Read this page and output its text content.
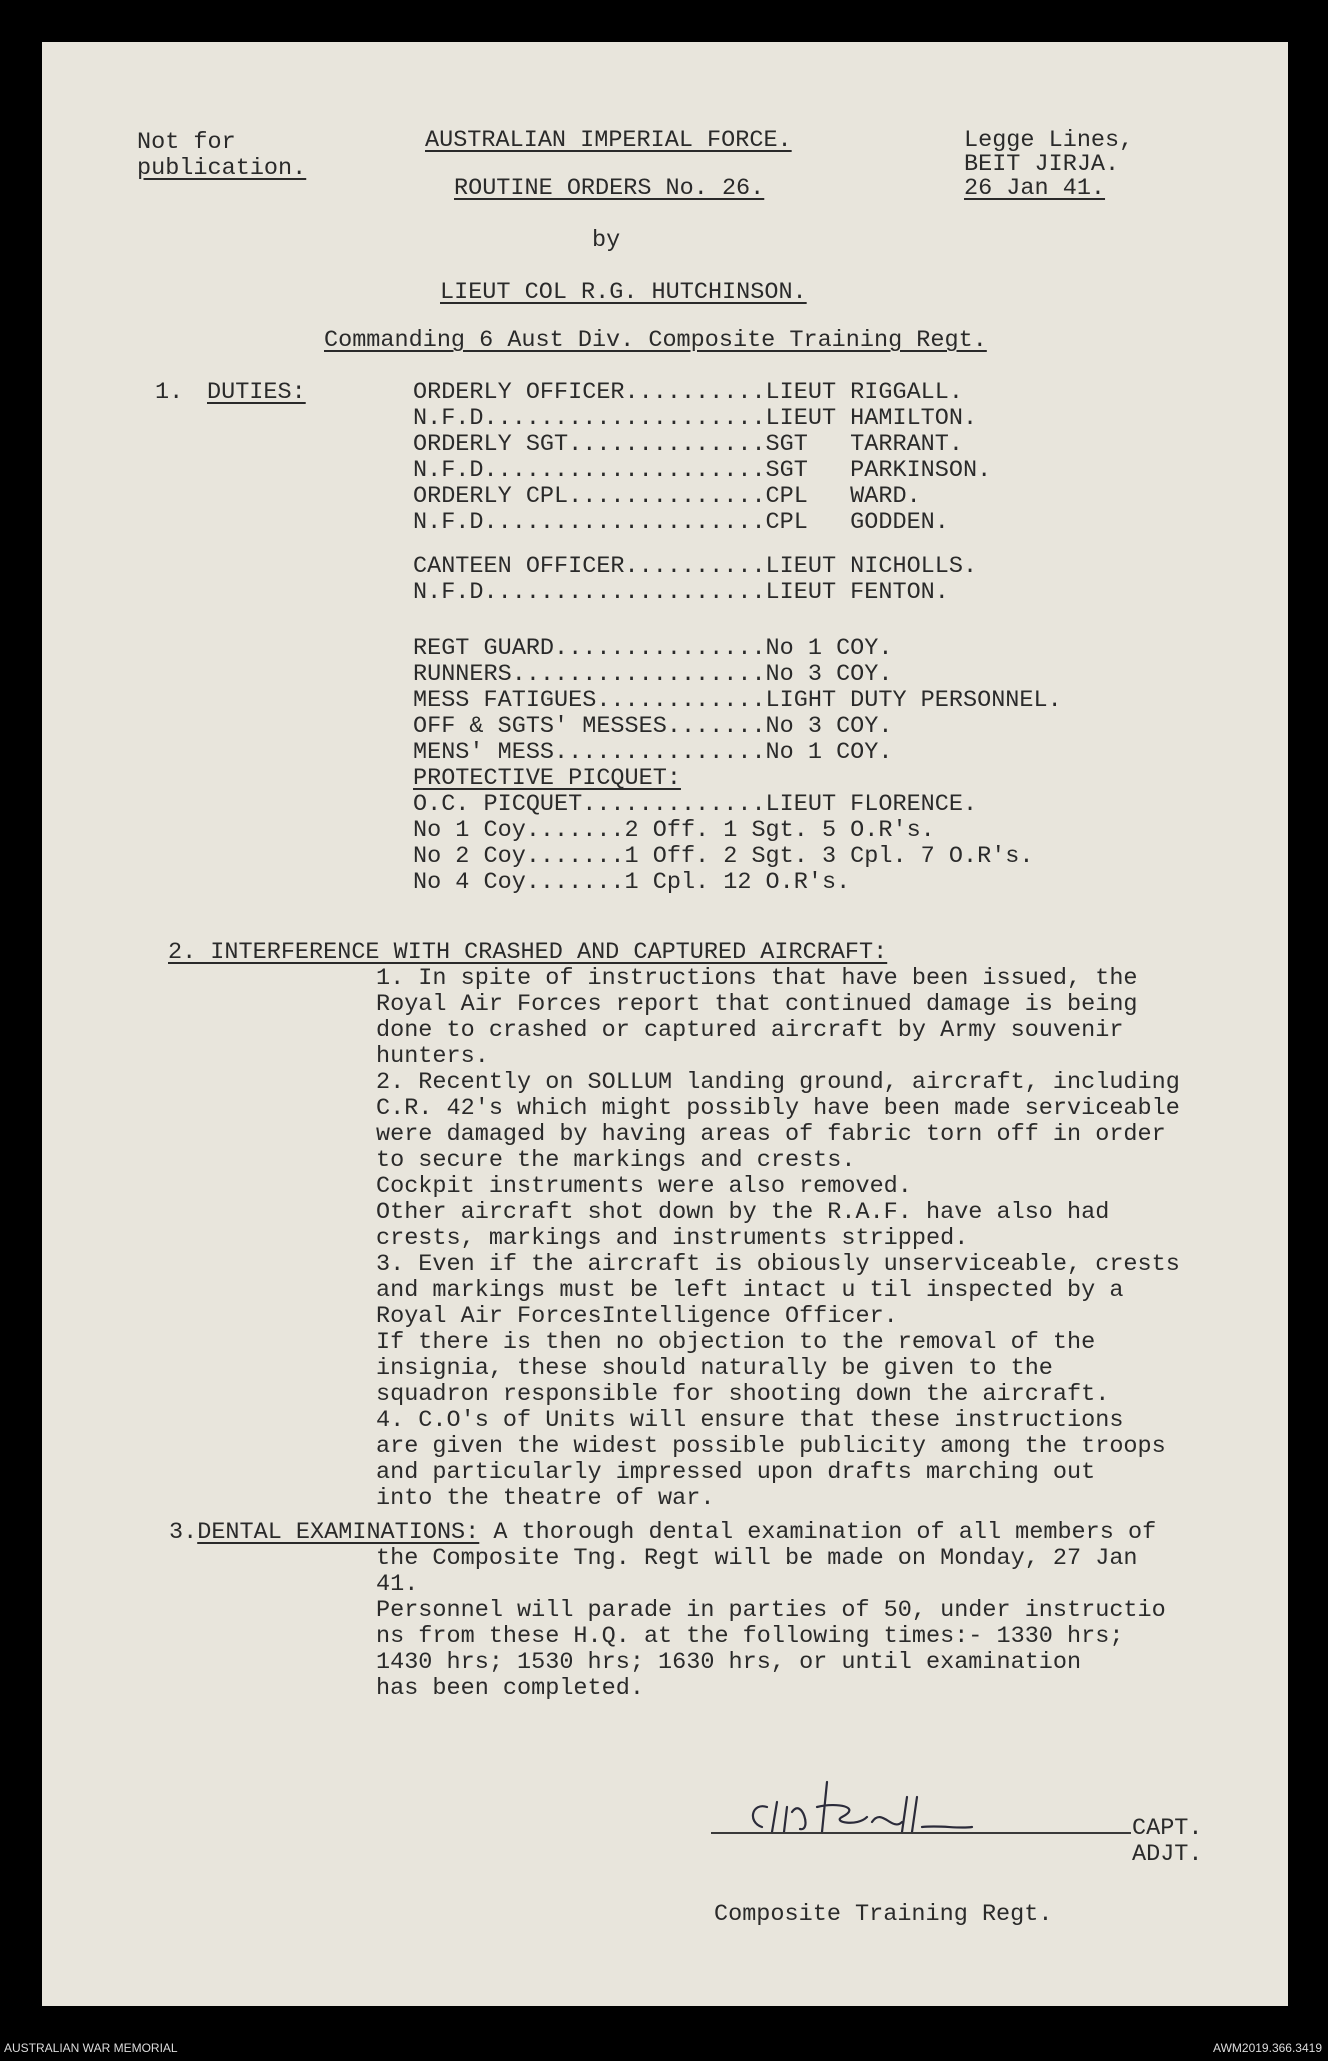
Not for
publication.
AUSTRALIAN IMPERIAL FORCE.
ROUTINE ORDERS No. 26.
Legge Lines,
BEIT JIRJA.
26 Jan 41.
by
LIEUT COL R.G. HUTCHINSON.
Commanding 6 Aust Div. Composite Training Regt.
1. DUTIES:	ORDERLY OFFICER..........LIEUT RIGGALL.
N.F.D....................LIEUT HAMILTON.
ORDERLY SGT..............SGT   TARRANT.
N.F.D....................SGT   PARKINSON.
ORDERLY CPL..............CPL   WARD.
N.F.D....................CPL   GODDEN.
CANTEEN OFFICER..........LIEUT NICHOLLS.
N.F.D....................LIEUT FENTON.
REGT GUARD...............No 1 COY.
RUNNERS..................No 3 COY.
MESS FATIGUES............LIGHT DUTY PERSONNEL.
OFF & SGTS' MESSES.......No 3 COY.
MENS' MESS...............No 1 COY.
PROTECTIVE PICQUET:
O.C. PICQUET.............LIEUT FLORENCE.
No 1 Coy.......2 Off. 1 Sgt. 5 O.R's.
No 2 Coy.......1 Off. 2 Sgt. 3 Cpl. 7 O.R's.
No 4 Coy.......1 Cpl. 12 O.R's.
2. INTERFERENCE WITH CRASHED AND CAPTURED AIRCRAFT:
1. In spite of instructions that have been issued, the
Royal Air Forces report that continued damage is being
done to crashed or captured aircraft by Army souvenir
hunters.
2. Recently on SOLLUM landing ground, aircraft, including
C.R. 42's which might possibly have been made serviceable
were damaged by having areas of fabric torn off in order
to secure the markings and crests.
Cockpit instruments were also removed.
Other aircraft shot down by the R.A.F. have also had
crests, markings and instruments stripped.
3. Even if the aircraft is obiously unserviceable, crests
and markings must be left intact u til inspected by a
Royal Air ForcesIntelligence Officer.
If there is then no objection to the removal of the
insignia, these should naturally be given to the
squadron responsible for shooting down the aircraft.
4. C.O's of Units will ensure that these instructions
are given the widest possible publicity among the troops
and particularly impressed upon drafts marching out
into the theatre of war.
3.DENTAL EXAMINATIONS: A thorough dental examination of all members of
the Composite Tng. Regt will be made on Monday, 27 Jan
41.
Personnel will parade in parties of 50, under instructio
ns from these H.Q. at the following times:- 1330 hrs;
1430 hrs; 1530 hrs; 1630 hrs, or until examination
has been completed.
CAPT.
ADJT.
Composite Training Regt.
AUSTRALIAN WAR MEMORIAL	AWM2019.366.3419
